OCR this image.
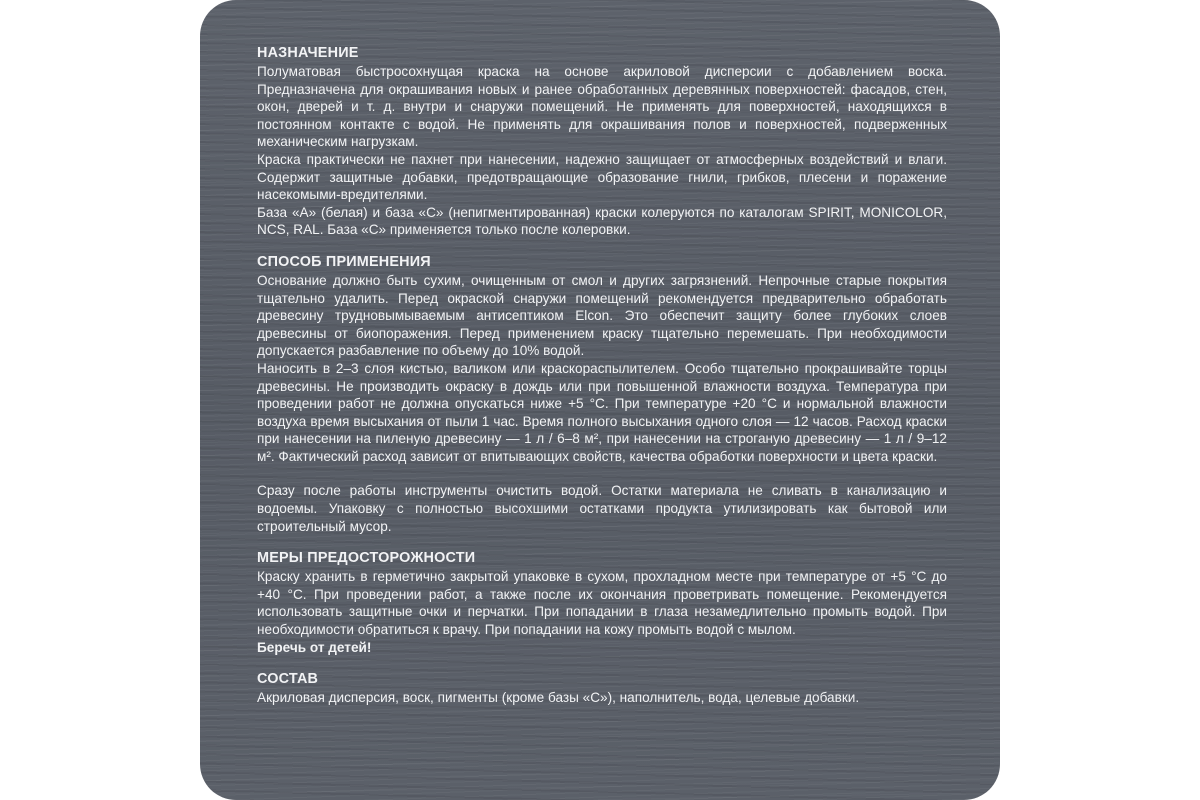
НАЗНАЧЕНИЕ

Полуматовая быстросохнущая краска на основе акриловой дисперсии с добавлением воска. Предназначена для окрашивания новых и ранее обработанных деревянных поверхностей: фасадов, стен, окон, дверей и т. д. внутри и снаружи помещений. Не применять для поверхностей, находящихся в постоянном контакте с водой. Не применять для окрашивания полов и поверхностей, подверженных механическим нагрузкам.

Краска практически не пахнет при нанесении, надежно защищает от атмосферных воздействий и влаги. Содержит защитные добавки, предотвращающие образование гнили, грибков, плесени и поражение насекомыми-вредителями.

База «А» (белая) и база «С» (непигментированная) краски колеруются по каталогам SPIRIT, MONICOLOR, NCS, RAL. База «С» применяется только после колеровки.

СПОСОБ ПРИМЕНЕНИЯ

Основание должно быть сухим, очищенным от смол и других загрязнений. Непрочные старые покрытия тщательно удалить. Перед окраской снаружи помещений рекомендуется предварительно обработать древесину трудновымываемым антисептиком Elcon. Это обеспечит защиту более глубоких слоев древесины от биопоражения. Перед применением краску тщательно перемешать. При необходимости допускается разбавление по объему до 10% водой.

Наносить в 2–3 слоя кистью, валиком или краскораспылителем. Особо тщательно прокрашивайте торцы древесины. Не производить окраску в дождь или при повышенной влажности воздуха. Температура при проведении работ не должна опускаться ниже +5 °С. При температуре +20 °С и нормальной влажности воздуха время высыхания от пыли 1 час. Время полного высыхания одного слоя — 12 часов. Расход краски при нанесении на пиленую древесину — 1 л / 6–8 м², при нанесении на строганую древесину — 1 л / 9–12 м². Фактический расход зависит от впитывающих свойств, качества обработки поверхности и цвета краски.

Сразу после работы инструменты очистить водой. Остатки материала не сливать в канализацию и водоемы. Упаковку с полностью высохшими остатками продукта утилизировать как бытовой или строительный мусор.

МЕРЫ ПРЕДОСТОРОЖНОСТИ

Краску хранить в герметично закрытой упаковке в сухом, прохладном месте при температуре от +5 °С до +40 °С. При проведении работ, а также после их окончания проветривать помещение. Рекомендуется использовать защитные очки и перчатки. При попадании в глаза незамедлительно промыть водой. При необходимости обратиться к врачу. При попадании на кожу промыть водой с мылом.

Беречь от детей!

СОСТАВ

Акриловая дисперсия, воск, пигменты (кроме базы «С»), наполнитель, вода, целевые добавки.
